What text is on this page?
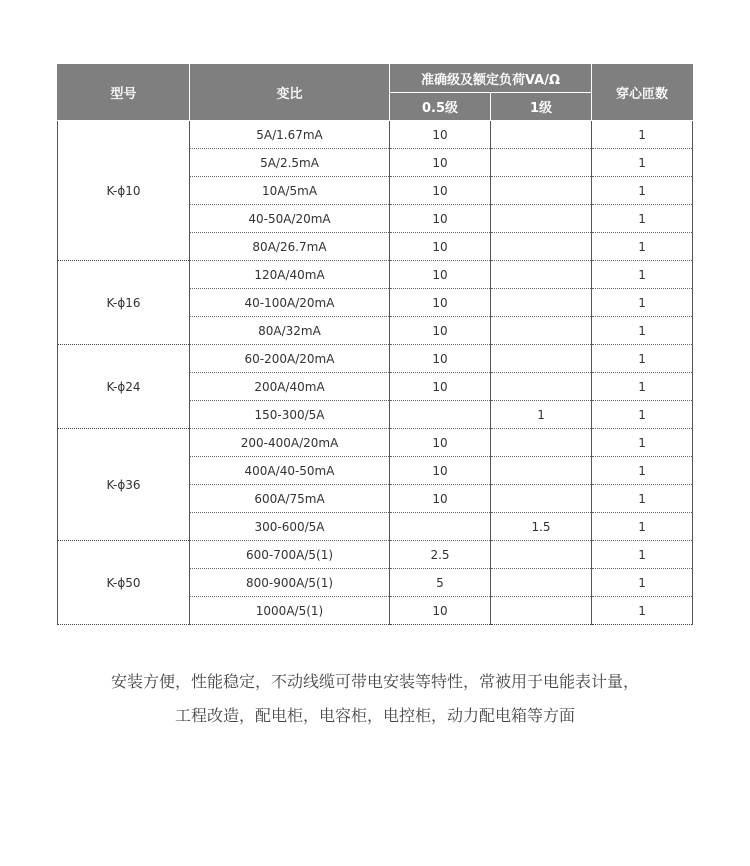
型号	变比	准确级及额定负荷VA/Ω		穿心匝数
		0.5级	1级	
K-ϕ10	5A/1.67mA	10		1
	5A/2.5mA	10		1
	10A/5mA	10		1
	40-50A/20mA	10		1
	80A/26.7mA	10		1
K-ϕ16	120A/40mA	10		1
	40-100A/20mA	10		1
	80A/32mA	10		1
K-ϕ24	60-200A/20mA	10		1
	200A/40mA	10		1
	150-300/5A		1	1
K-ϕ36	200-400A/20mA	10		1
	400A/40-50mA	10		1
	600A/75mA	10		1
	300-600/5A		1.5	1
K-ϕ50	600-700A/5(1)	2.5		1
	800-900A/5(1)	5		1
	1000A/5(1)	10		1

安装方便，性能稳定，不动线缆可带电安装等特性，常被用于电能表计量，

工程改造，配电柜，电容柜，电控柜，动力配电箱等方面
